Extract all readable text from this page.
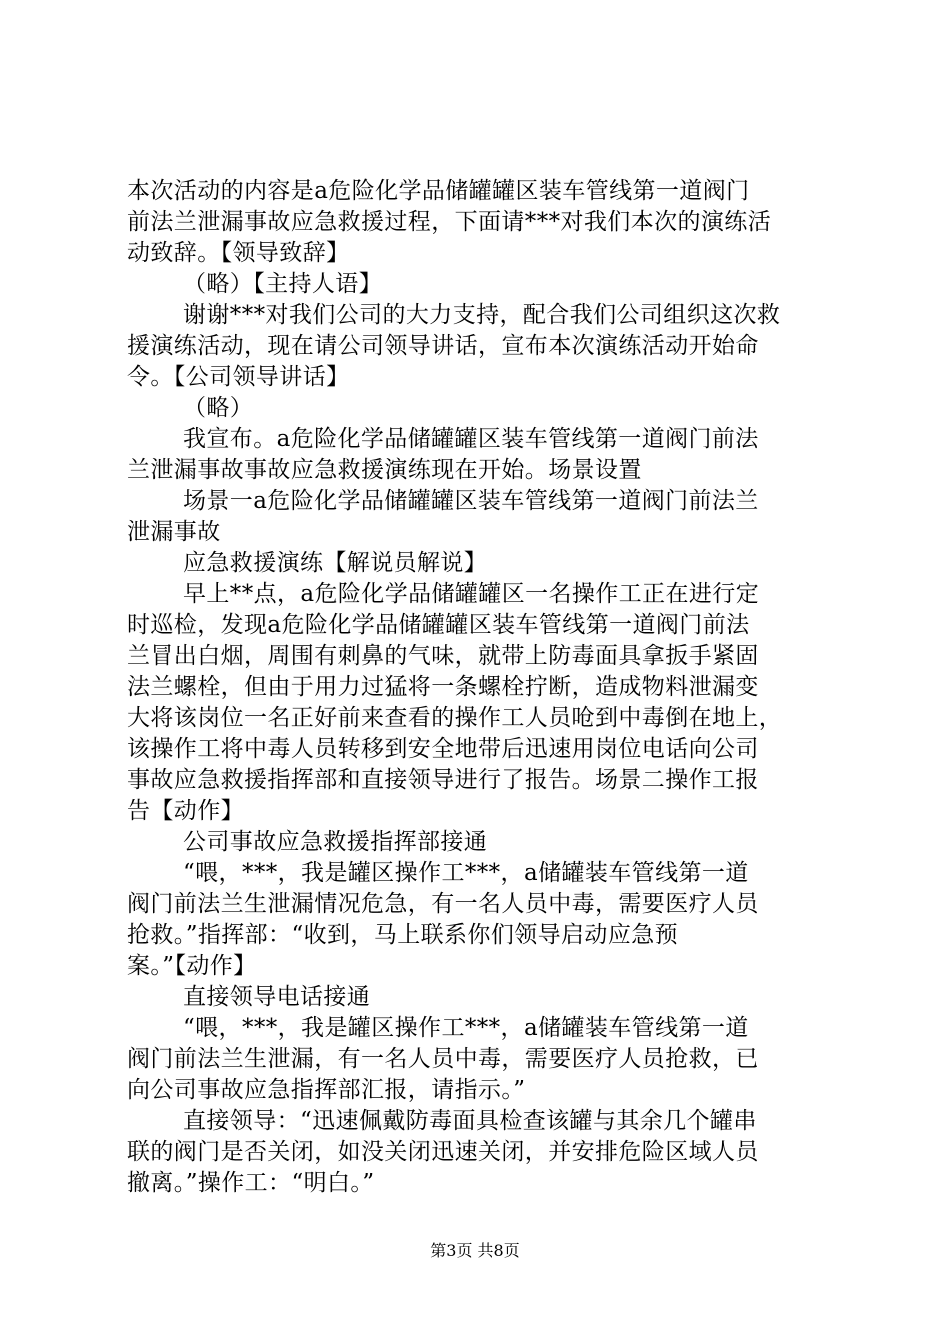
本次活动的内容是a危险化学品储罐罐区装车管线第一道阀门
前法兰泄漏事故应急救援过程，下面请***对我们本次的演练活
动致辞。【领导致辞】
（略）【主持人语】
谢谢***对我们公司的大力支持，配合我们公司组织这次救
援演练活动，现在请公司领导讲话，宣布本次演练活动开始命
令。【公司领导讲话】
（略）
我宣布。a危险化学品储罐罐区装车管线第一道阀门前法
兰泄漏事故事故应急救援演练现在开始。场景设置
场景一a危险化学品储罐罐区装车管线第一道阀门前法兰
泄漏事故
应急救援演练【解说员解说】
早上**点，a危险化学品储罐罐区一名操作工正在进行定
时巡检，发现a危险化学品储罐罐区装车管线第一道阀门前法
兰冒出白烟，周围有刺鼻的气味，就带上防毒面具拿扳手紧固
法兰螺栓，但由于用力过猛将一条螺栓拧断，造成物料泄漏变
大将该岗位一名正好前来查看的操作工人员呛到中毒倒在地上，
该操作工将中毒人员转移到安全地带后迅速用岗位电话向公司
事故应急救援指挥部和直接领导进行了报告。场景二操作工报
告【动作】
公司事故应急救援指挥部接通
“喂，***，我是罐区操作工***，a储罐装车管线第一道
阀门前法兰生泄漏情况危急，有一名人员中毒，需要医疗人员
抢救。”指挥部：“收到，马上联系你们领导启动应急预
案。”【动作】
直接领导电话接通
“喂，***，我是罐区操作工***，a储罐装车管线第一道
阀门前法兰生泄漏，有一名人员中毒，需要医疗人员抢救，已
向公司事故应急指挥部汇报，请指示。”
直接领导：“迅速佩戴防毒面具检查该罐与其余几个罐串
联的阀门是否关闭，如没关闭迅速关闭，并安排危险区域人员
撤离。”操作工：“明白。”
第3页 共8页
